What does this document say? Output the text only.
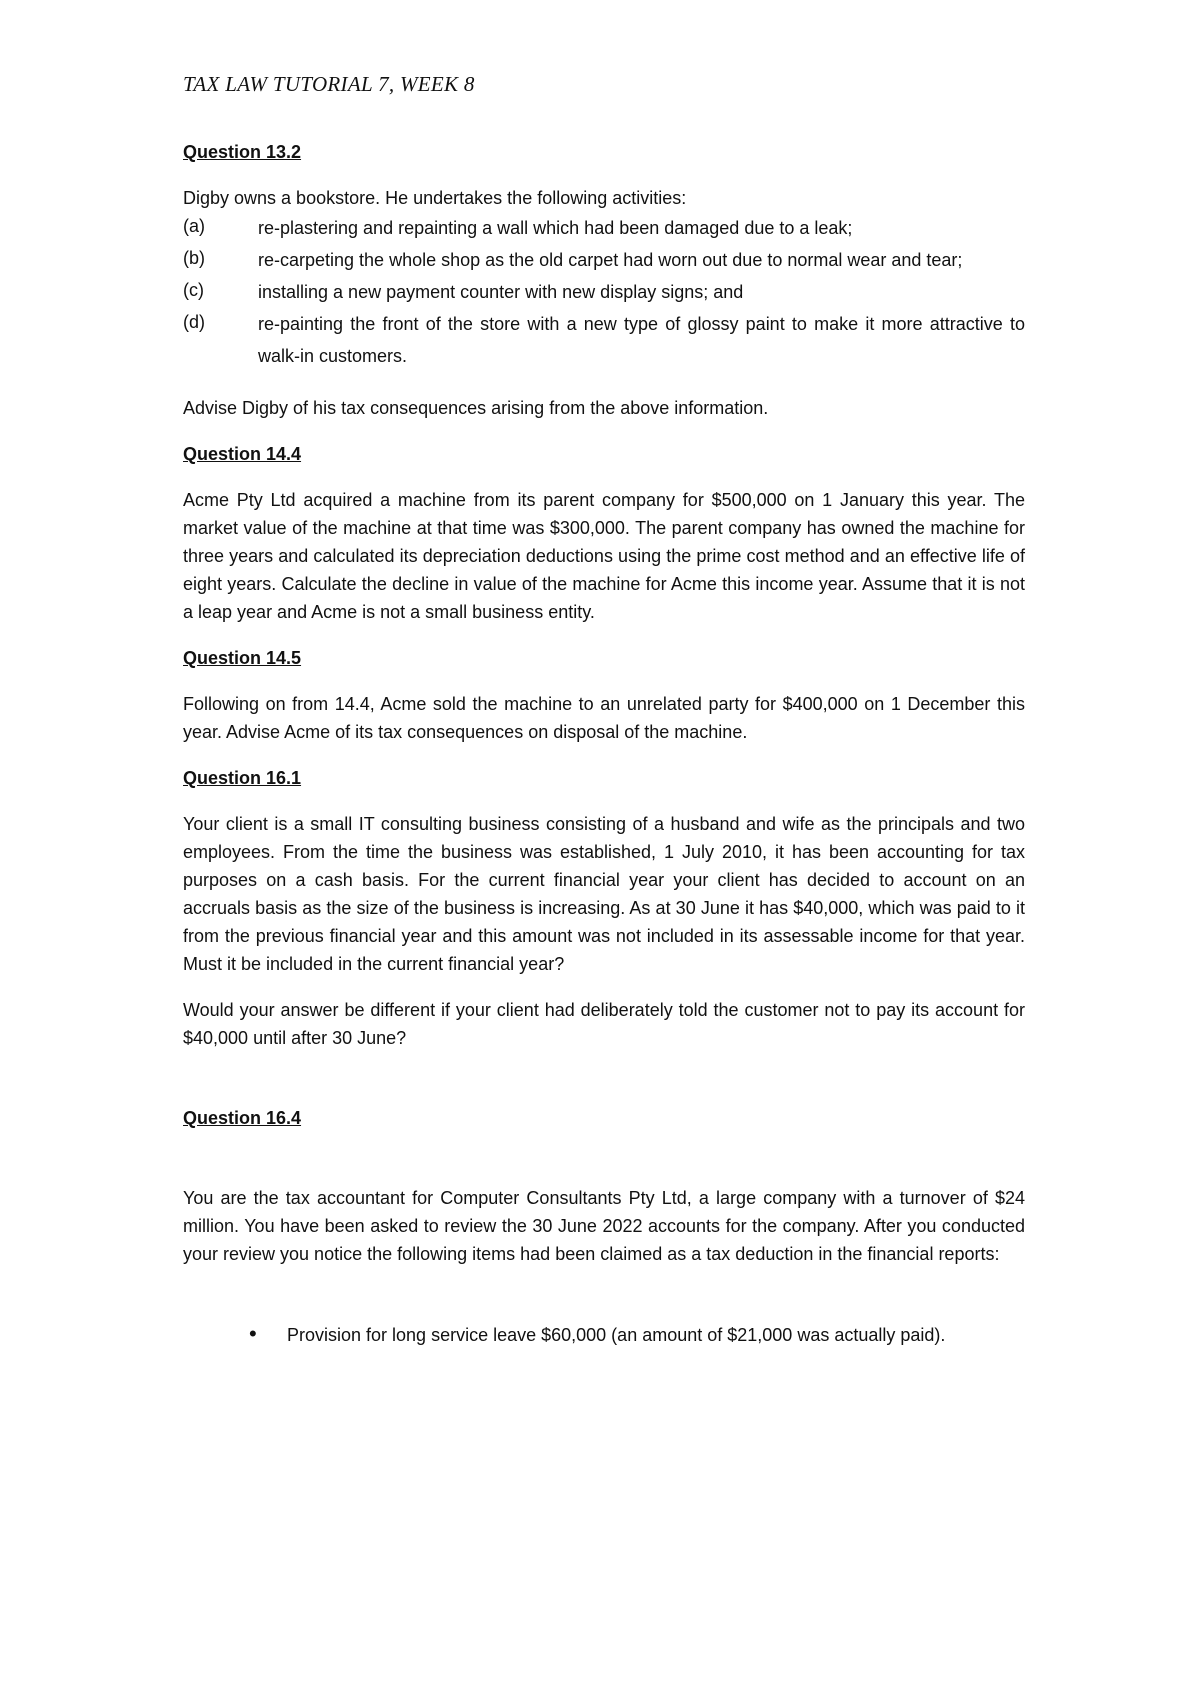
TAX LAW TUTORIAL 7, WEEK 8
Question 13.2

Digby owns a bookstore. He undertakes the following activities:

(a)	re-plastering and repainting a wall which had been damaged due to a leak;
(b)	re-carpeting the whole shop as the old carpet had worn out due to normal wear and tear;
(c)	installing a new payment counter with new display signs; and
(d)	re-painting the front of the store with a new type of glossy paint to make it more attractive to walk-in customers.

Advise Digby of his tax consequences arising from the above information.

Question 14.4

Acme Pty Ltd acquired a machine from its parent company for $500,000 on 1 January this year. The market value of the machine at that time was $300,000. The parent company has owned the machine for three years and calculated its depreciation deductions using the prime cost method and an effective life of eight years. Calculate the decline in value of the machine for Acme this income year. Assume that it is not a leap year and Acme is not a small business entity.

Question 14.5

Following on from 14.4, Acme sold the machine to an unrelated party for $400,000 on 1 December this year. Advise Acme of its tax consequences on disposal of the machine.

Question 16.1

Your client is a small IT consulting business consisting of a husband and wife as the principals and two employees. From the time the business was established, 1 July 2010, it has been accounting for tax purposes on a cash basis. For the current financial year your client has decided to account on an accruals basis as the size of the business is increasing. As at 30 June it has $40,000, which was paid to it from the previous financial year and this amount was not included in its assessable income for that year. Must it be included in the current financial year?

Would your answer be different if your client had deliberately told the customer not to pay its account for $40,000 until after 30 June?

Question 16.4

You are the tax accountant for Computer Consultants Pty Ltd, a large company with a turnover of $24 million. You have been asked to review the 30 June 2022 accounts for the company. After you conducted your review you notice the following items had been claimed as a tax deduction in the financial reports:

•	Provision for long service leave $60,000 (an amount of $21,000 was actually paid).
